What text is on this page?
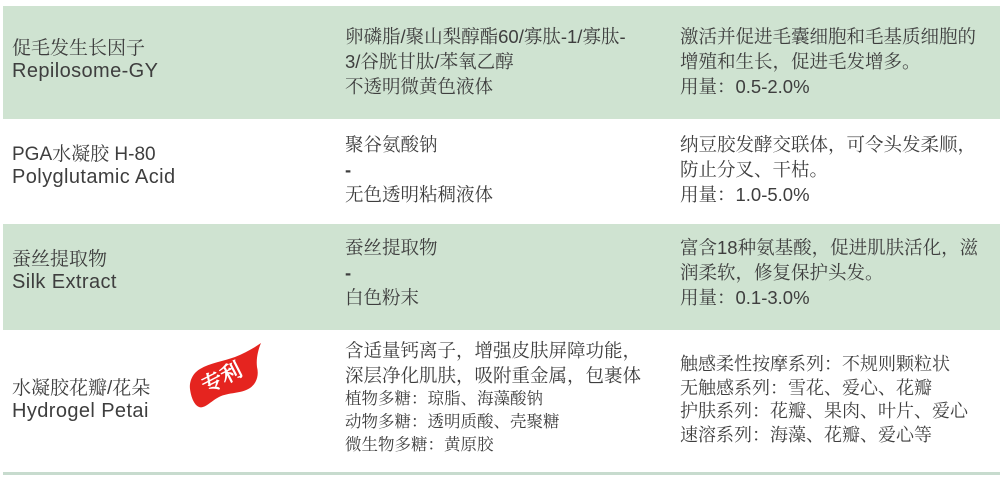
促毛发生长因子
Repilosome-GY
卵磷脂/聚山梨醇酯60/寡肽-1/寡肽-
3/谷胱甘肽/苯氧乙醇
不透明微黄色液体
激活并促进毛囊细胞和毛基质细胞的
增殖和生长，促进毛发增多。
用量：0.5-2.0%
PGA水凝胶 H-80
Polyglutamic Acid
聚谷氨酸钠
-
无色透明粘稠液体
纳豆胶发酵交联体，可令头发柔顺，
防止分叉、干枯。
用量：1.0-5.0%
蚕丝提取物
Silk Extract
蚕丝提取物
-
白色粉末
富含18种氨基酸，促进肌肤活化，滋
润柔软，修复保护头发。
用量：0.1-3.0%
水凝胶花瓣/花朵
Hydrogel Petai
专利
含适量钙离子，增强皮肤屏障功能，
深层净化肌肤，吸附重金属，包裹体
植物多糖：琼脂、海藻酸钠
动物多糖：透明质酸、壳聚糖
微生物多糖：黄原胶
触感柔性按摩系列：不规则颗粒状
无触感系列：雪花、爱心、花瓣
护肤系列：花瓣、果肉、叶片、爱心
速溶系列：海藻、花瓣、爱心等
